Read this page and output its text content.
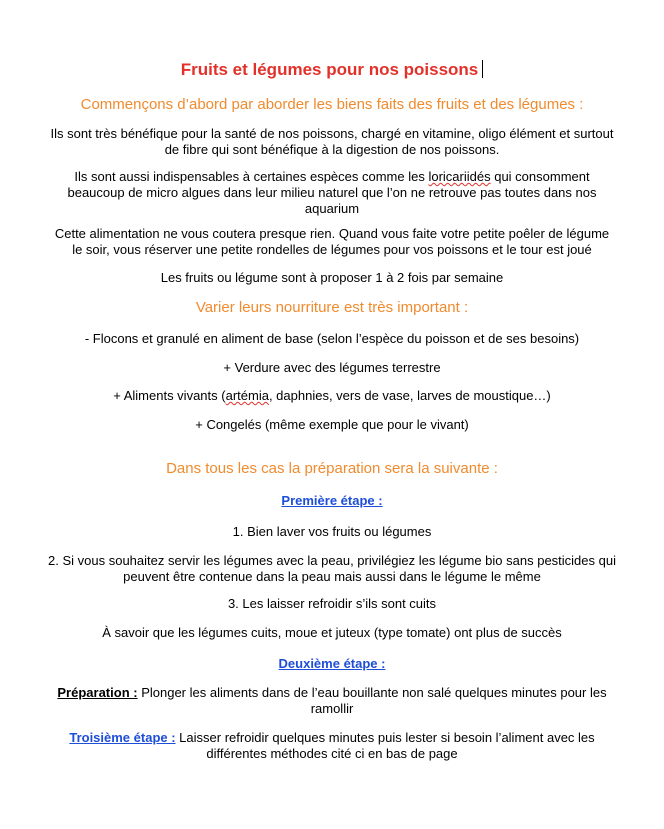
Fruits et légumes pour nos poissons
Commençons d’abord par aborder les biens faits des fruits et des légumes :
Ils sont très bénéfique pour la santé de nos poissons, chargé en vitamine, oligo élément et surtout
de fibre qui sont bénéfique à la digestion de nos poissons.
Ils sont aussi indispensables à certaines espèces comme les loricariidés qui consomment
beaucoup de micro algues dans leur milieu naturel que l’on ne retrouve pas toutes dans nos
aquarium
Cette alimentation ne vous coutera presque rien. Quand vous faite votre petite poêler de légume
le soir, vous réserver une petite rondelles de légumes pour vos poissons et le tour est joué
Les fruits ou légume sont à proposer 1 à 2 fois par semaine
Varier leurs nourriture est très important :
- Flocons et granulé en aliment de base (selon l’espèce du poisson et de ses besoins)
+ Verdure avec des légumes terrestre
+ Aliments vivants (artémia, daphnies, vers de vase, larves de moustique…)
+ Congelés (même exemple que pour le vivant)
Dans tous les cas la préparation sera la suivante :
Première étape :
1. Bien laver vos fruits ou légumes
2. Si vous souhaitez servir les légumes avec la peau, privilégiez les légume bio sans pesticides qui
peuvent être contenue dans la peau mais aussi dans le légume le même
3. Les laisser refroidir s’ils sont cuits
À savoir que les légumes cuits, moue et juteux (type tomate) ont plus de succès
Deuxième étape :
Préparation : Plonger les aliments dans de l’eau bouillante non salé quelques minutes pour les
ramollir
Troisième étape : Laisser refroidir quelques minutes puis lester si besoin l’aliment avec les
différentes méthodes cité ci en bas de page
